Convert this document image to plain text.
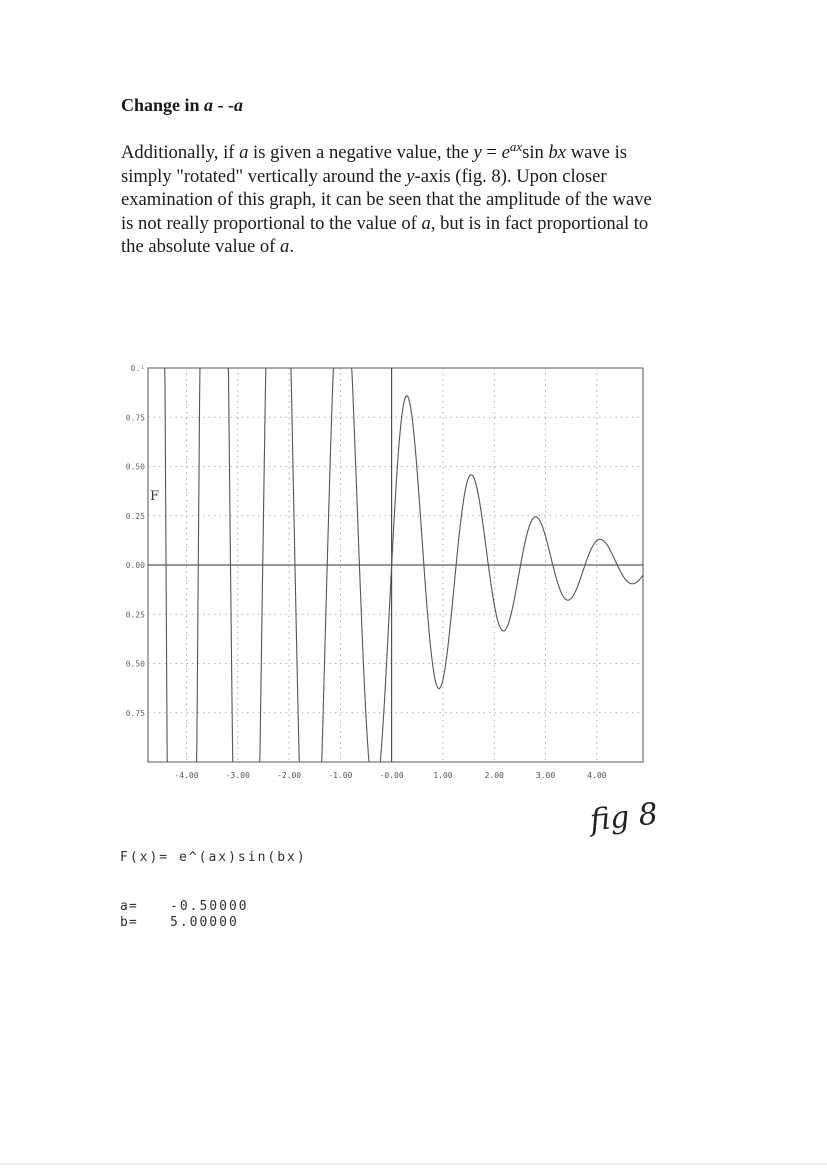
Change in a - -a
Additionally, if a is given a negative value, the $y = e^{ax}\sin$ bx wave is
simply "rotated" vertically around the y-axis (fig. 8). Upon closer
examination of this graph, it can be seen that the amplitude of the wave
is not really proportional to the value of a, but is in fact proportional to
the absolute value of a.
-4.00	-3.00	-2.00	-1.00	-0.00	1.00	2.00	3.00	4.00
0.¹
0.75
0.50
0.25
0.00
0.25
0.50
0.75
F
F(x)= e^(ax)sin(bx)
a= -0.50000
b= 5.00000
fig 8
